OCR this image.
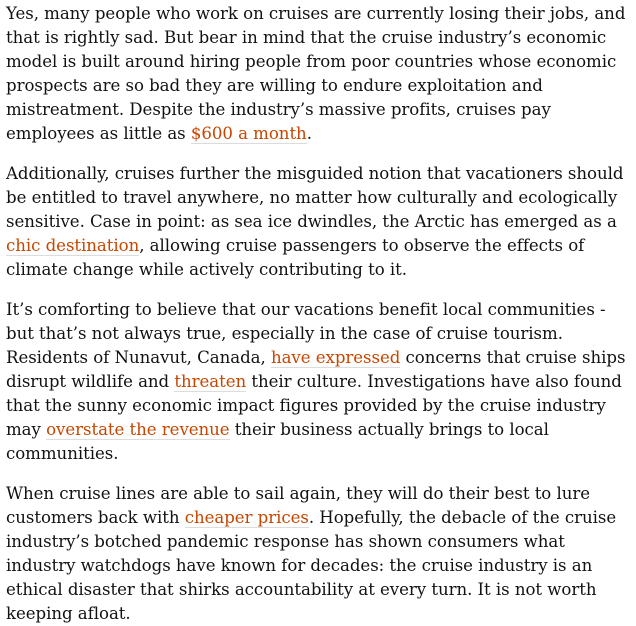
Yes, many people who work on cruises are currently losing their jobs, and that is rightly sad. But bear in mind that the cruise industry’s economic model is built around hiring people from poor countries whose economic prospects are so bad they are willing to endure exploitation and mistreatment. Despite the industry’s massive profits, cruises pay employees as little as $600 a month.

Additionally, cruises further the misguided notion that vacationers should be entitled to travel anywhere, no matter how culturally and ecologically sensitive. Case in point: as sea ice dwindles, the Arctic has emerged as a chic destination, allowing cruise passengers to observe the effects of climate change while actively contributing to it.

It’s comforting to believe that our vacations benefit local communities - but that’s not always true, especially in the case of cruise tourism. Residents of Nunavut, Canada, have expressed concerns that cruise ships disrupt wildlife and threaten their culture. Investigations have also found that the sunny economic impact figures provided by the cruise industry may overstate the revenue their business actually brings to local communities.

When cruise lines are able to sail again, they will do their best to lure customers back with cheaper prices. Hopefully, the debacle of the cruise industry’s botched pandemic response has shown consumers what industry watchdogs have known for decades: the cruise industry is an ethical disaster that shirks accountability at every turn. It is not worth keeping afloat.
